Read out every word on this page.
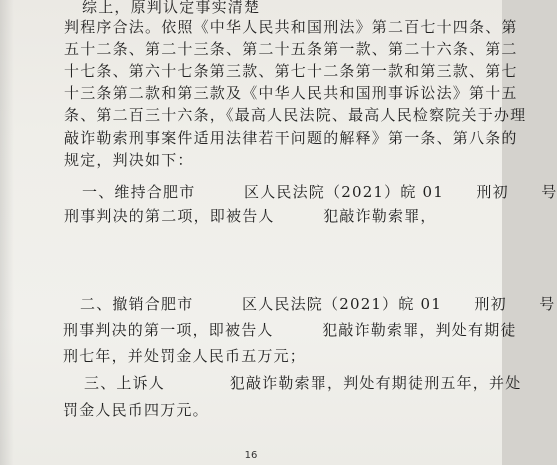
综上，原判认定事实清楚
判程序合法。依照《中华人民共和国刑法》第二百七十四条、第
五十二条、第二十三条、第二十五条第一款、第二十六条、第二
十七条、第六十七条第三款、第七十二条第一款和第三款、第七
十三条第二款和第三款及《中华人民共和国刑事诉讼法》第十五
条、第二百三十六条，《最高人民法院、最高人民检察院关于办理
敲诈勒索刑事案件适用法律若干问题的解释》第一条、第八条的
规定，判决如下：
一、维持合肥市　　　区人民法院（2021）皖 01　　刑初　　号
刑事判决的第二项，即被告人　　　犯敲诈勒索罪，
二、撤销合肥市　　　区人民法院（2021）皖 01　　刑初　　号
刑事判决的第一项，即被告人　　　犯敲诈勒索罪，判处有期徒
刑七年，并处罚金人民币五万元；
三、上诉人　　　　犯敲诈勒索罪，判处有期徒刑五年，并处
罚金人民币四万元。
16
